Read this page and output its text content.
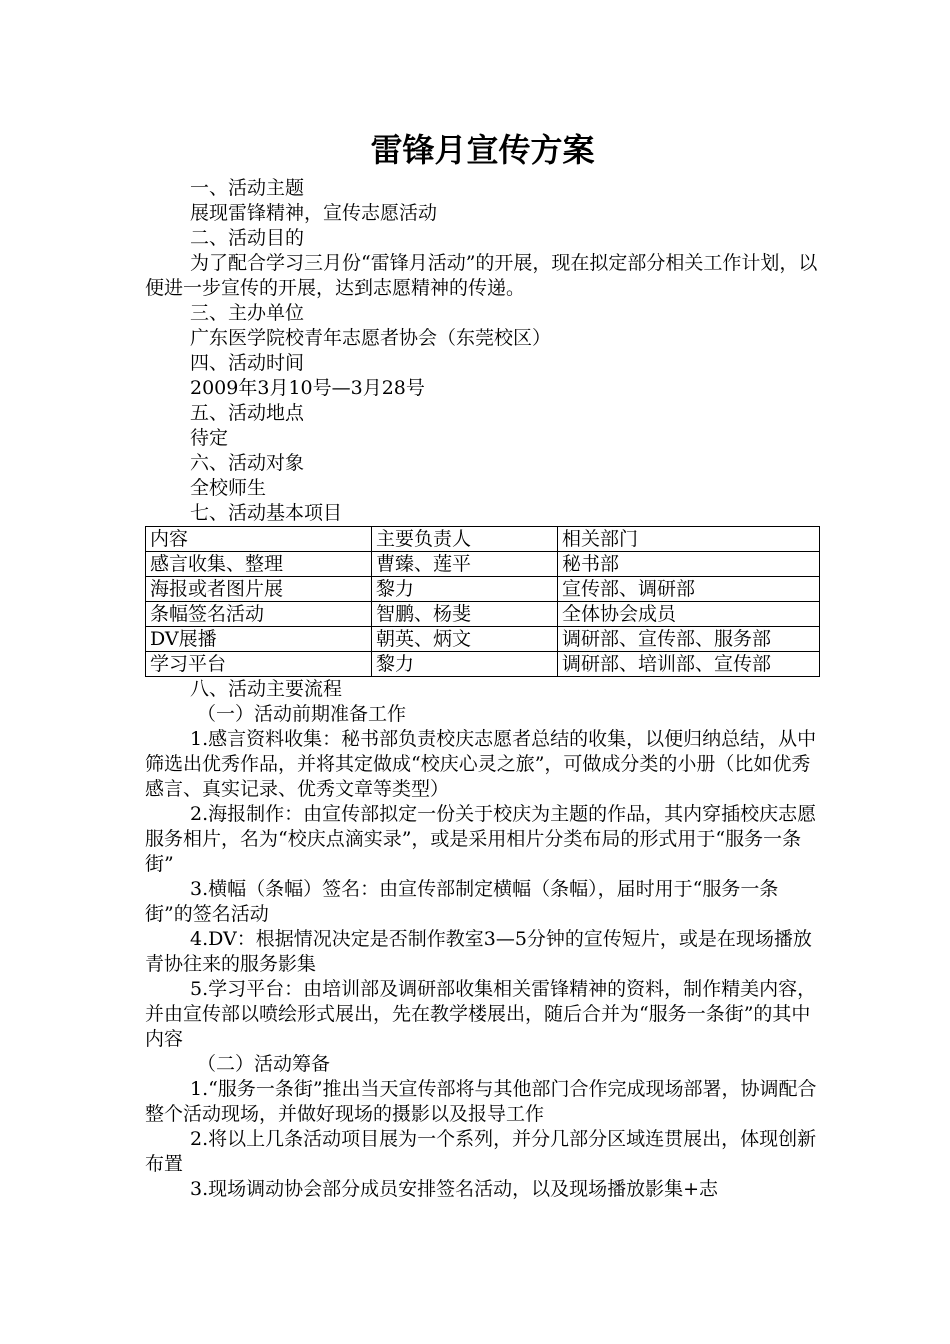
雷锋月宣传方案

一、活动主题

展现雷锋精神，宣传志愿活动

二、活动目的

为了配合学习三月份“雷锋月活动”的开展，现在拟定部分相关工作计划，以便进一步宣传的开展，达到志愿精神的传递。

三、主办单位

广东医学院校青年志愿者协会（东莞校区）

四、活动时间

2009年3月10号—3月28号

五、活动地点

待定

六、活动对象

全校师生

七、活动基本项目

内容	主要负责人	相关部门
感言收集、整理	曹臻、莲平	秘书部
海报或者图片展	黎力	宣传部、调研部
条幅签名活动	智鹏、杨斐	全体协会成员
DV展播	朝英、炳文	调研部、宣传部、服务部
学习平台	黎力	调研部、培训部、宣传部

八、活动主要流程

（一）活动前期准备工作

1.感言资料收集：秘书部负责校庆志愿者总结的收集，以便归纳总结，从中筛选出优秀作品，并将其定做成“校庆心灵之旅”，可做成分类的小册（比如优秀感言、真实记录、优秀文章等类型）

2.海报制作：由宣传部拟定一份关于校庆为主题的作品，其内穿插校庆志愿服务相片，名为“校庆点滴实录”，或是采用相片分类布局的形式用于“服务一条街”

3.横幅（条幅）签名：由宣传部制定横幅（条幅），届时用于“服务一条街”的签名活动

4.DV：根据情况决定是否制作教室3—5分钟的宣传短片，或是在现场播放青协往来的服务影集

5.学习平台：由培训部及调研部收集相关雷锋精神的资料，制作精美内容，并由宣传部以喷绘形式展出，先在教学楼展出，随后合并为“服务一条街”的其中内容

（二）活动筹备

1.“服务一条街”推出当天宣传部将与其他部门合作完成现场部署，协调配合整个活动现场，并做好现场的摄影以及报导工作

2.将以上几条活动项目展为一个系列，并分几部分区域连贯展出，体现创新布置

3.现场调动协会部分成员安排签名活动，以及现场播放影集+志
